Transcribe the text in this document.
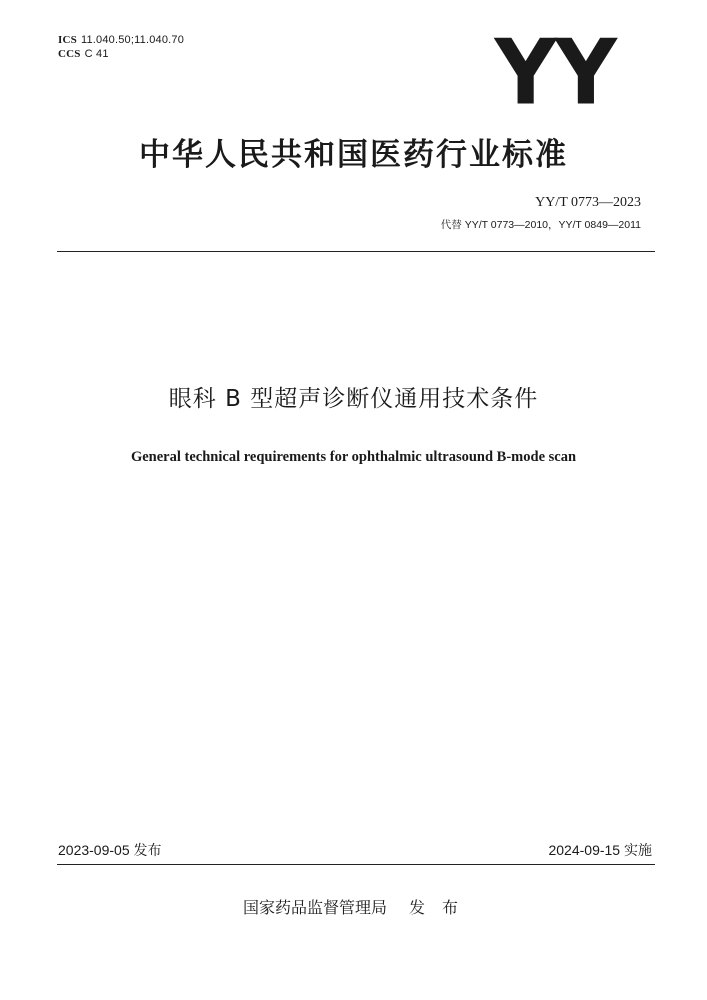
ICS 11.040.50;11.040.70
CCS C 41	YY
中华人民共和国医药行业标准
YY/T 0773—2023
代替 YY/T 0773—2010，YY/T 0849—2011
眼科 B 型超声诊断仪通用技术条件
General technical requirements for ophthalmic ultrasound B-mode scan
2023-09-05 发布	2024-09-15 实施
国家药品监督管理局 发 布
